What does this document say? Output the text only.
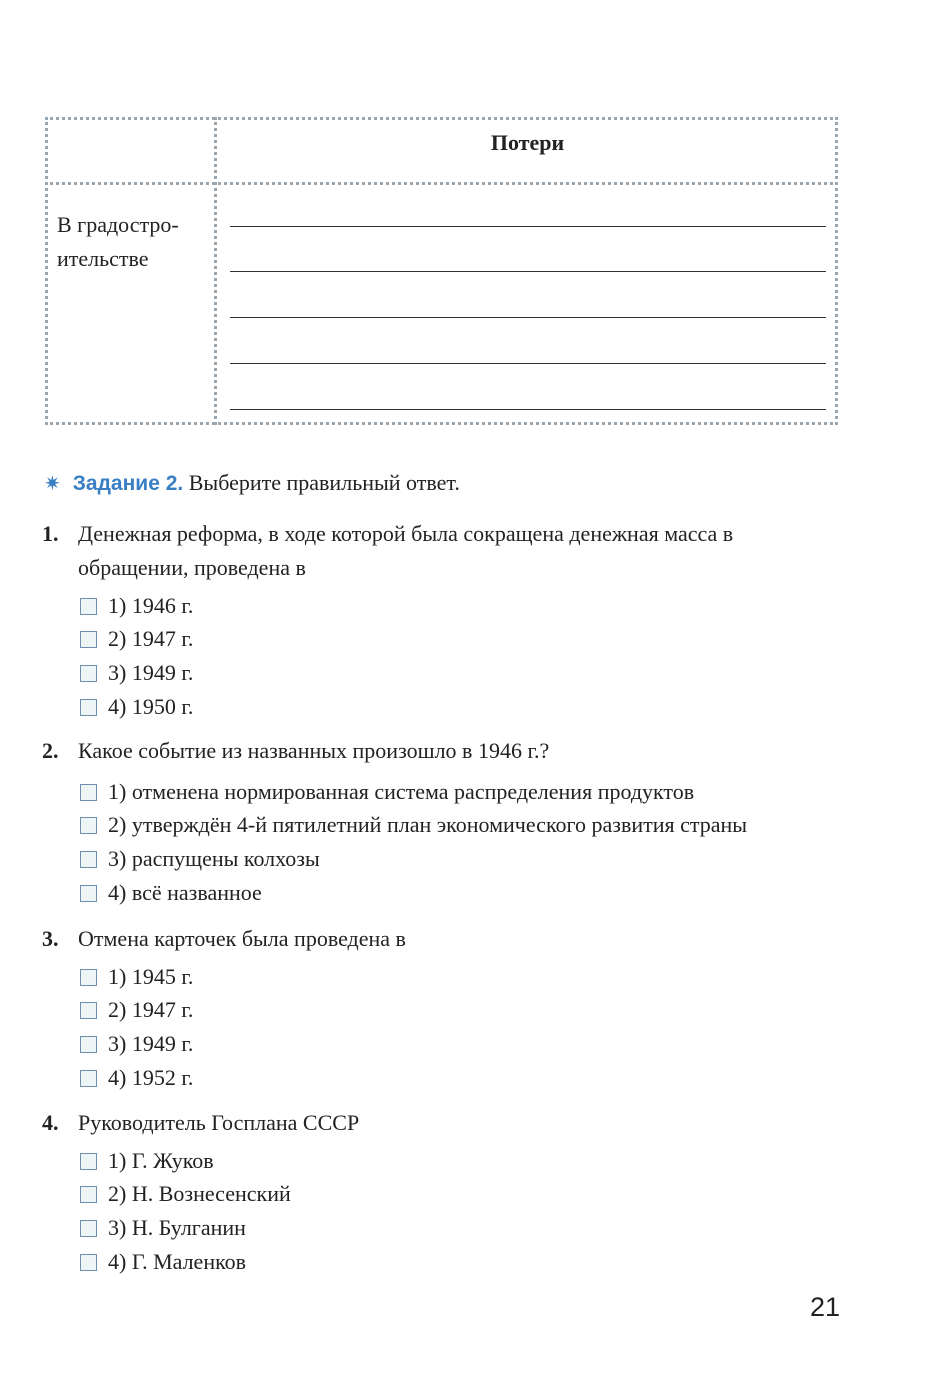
Потери
В градостро-
ительстве
✷ Задание 2. Выберите правильный ответ.
1. Денежная реформа, в ходе которой была сокращена денежная масса в
обращении, проведена в
1) 1946 г.
2) 1947 г.
3) 1949 г.
4) 1950 г.
2. Какое событие из названных произошло в 1946 г.?
1) отменена нормированная система распределения продуктов
2) утверждён 4-й пятилетний план экономического развития страны
3) распущены колхозы
4) всё названное
3. Отмена карточек была проведена в
1) 1945 г.
2) 1947 г.
3) 1949 г.
4) 1952 г.
4. Руководитель Госплана СССР
1) Г. Жуков
2) Н. Вознесенский
3) Н. Булганин
4) Г. Маленков
21
